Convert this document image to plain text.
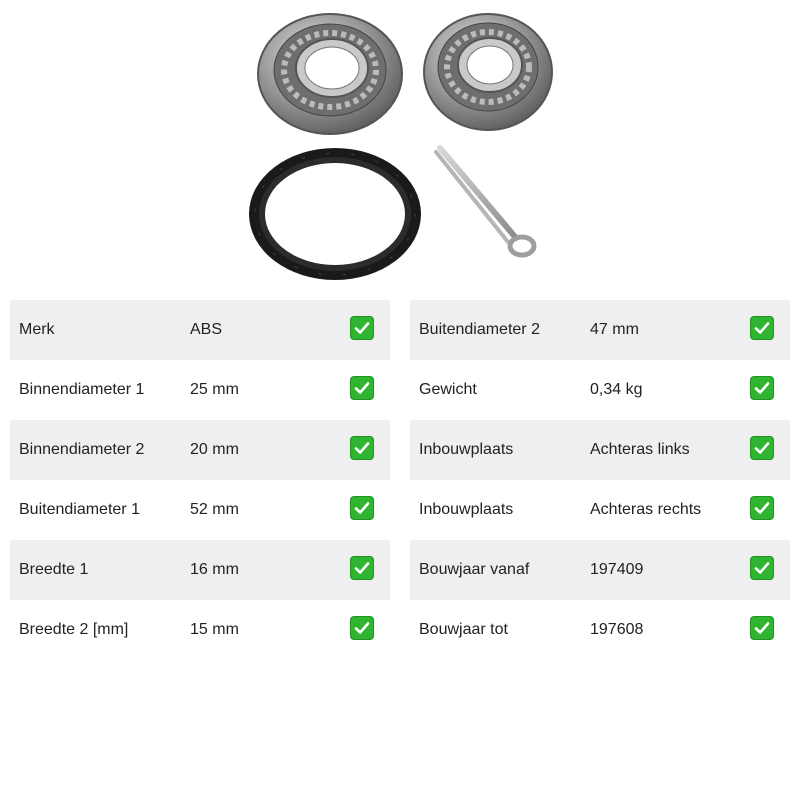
Merk	ABS
Binnendiameter 1	25 mm
Binnendiameter 2	20 mm
Buitendiameter 1	52 mm
Breedte 1	16 mm
Breedte 2 [mm]	15 mm
Buitendiameter 2	47 mm
Gewicht	0,34 kg
Inbouwplaats	Achteras links
Inbouwplaats	Achteras rechts
Bouwjaar vanaf	197409
Bouwjaar tot	197608
